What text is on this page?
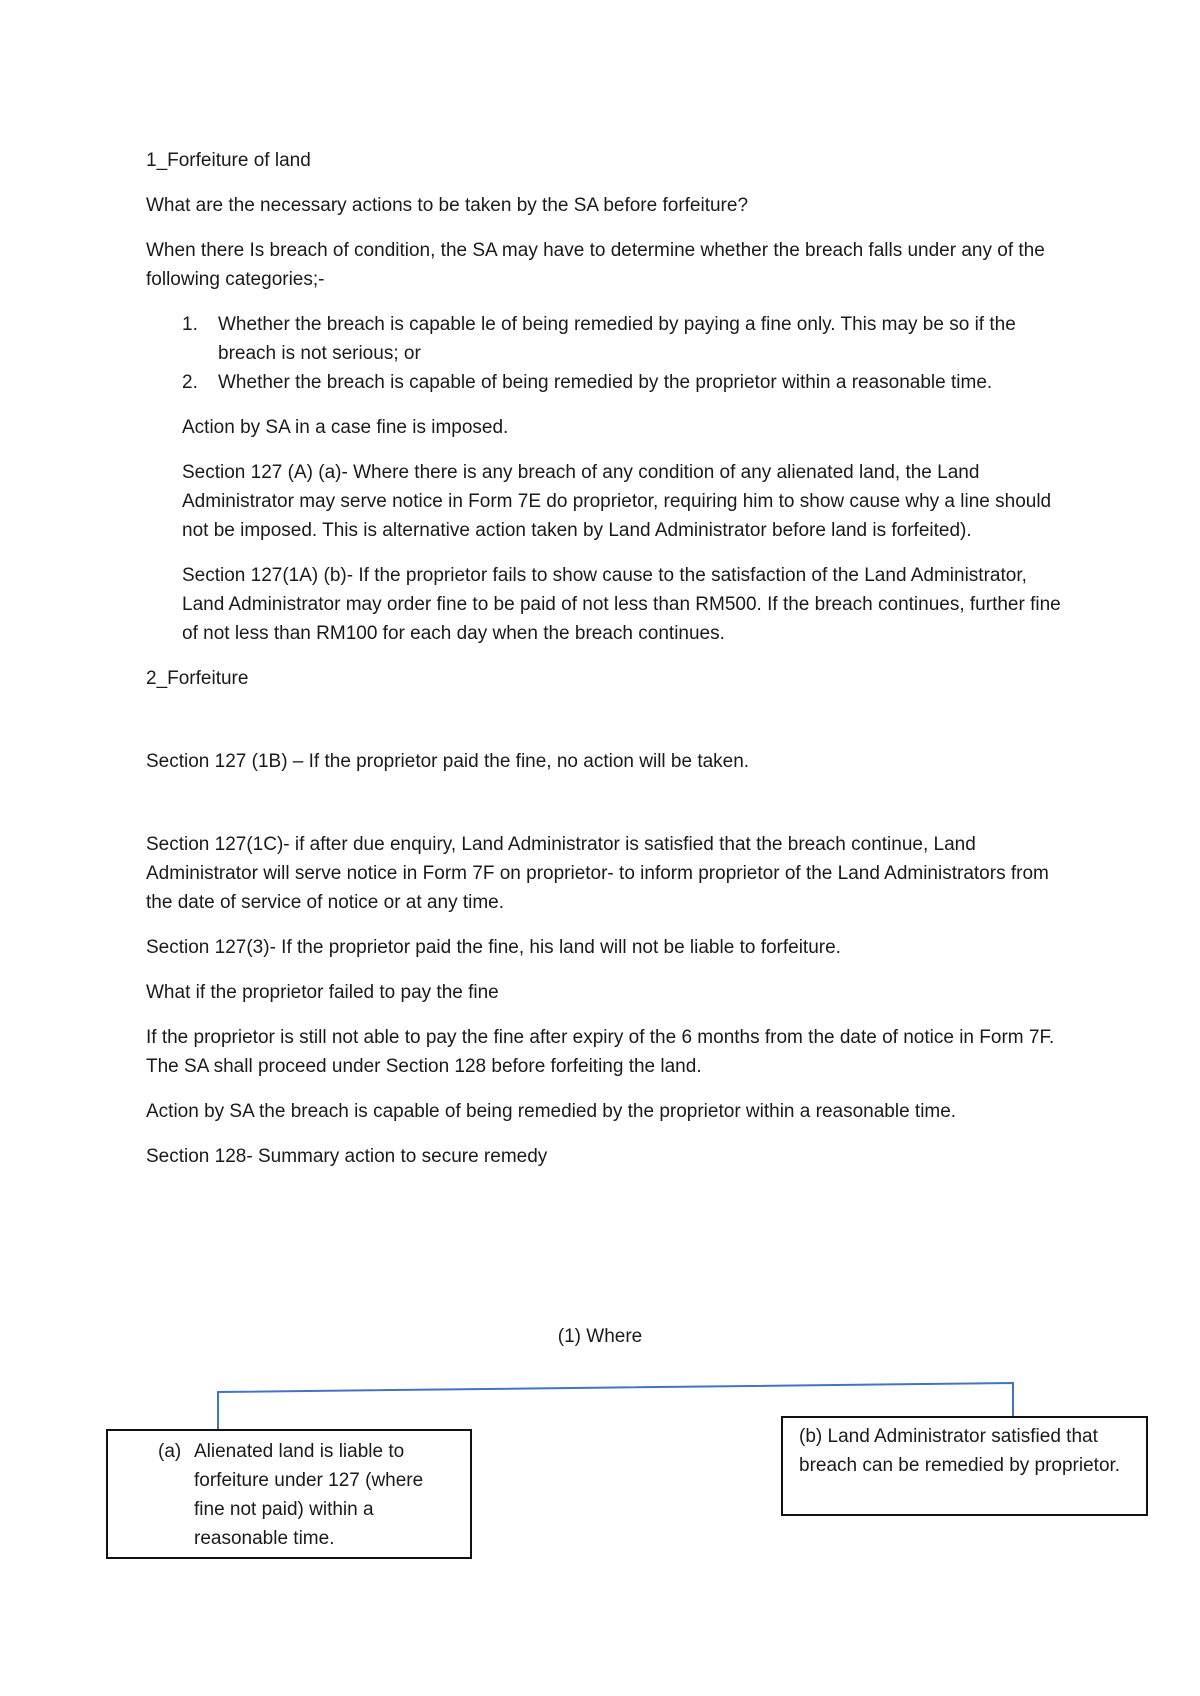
1_Forfeiture of land

What are the necessary actions to be taken by the SA before forfeiture?

When there Is breach of condition, the SA may have to determine whether the breach falls under any of the following categories;-

1.	Whether the breach is capable le of being remedied by paying a fine only. This may be so if the breach is not serious; or
2.	Whether the breach is capable of being remedied by the proprietor within a reasonable time.

Action by SA in a case fine is imposed.

Section 127 (A) (a)- Where there is any breach of any condition of any alienated land, the Land Administrator may serve notice in Form 7E do proprietor, requiring him to show cause why a line should not be imposed. This is alternative action taken by Land Administrator before land is forfeited).

Section 127(1A) (b)- If the proprietor fails to show cause to the satisfaction of the Land Administrator, Land Administrator may order fine to be paid of not less than RM500. If the breach continues, further fine of not less than RM100 for each day when the breach continues.

2_Forfeiture

Section 127 (1B) – If the proprietor paid the fine, no action will be taken.

Section 127(1C)- if after due enquiry, Land Administrator is satisfied that the breach continue, Land Administrator will serve notice in Form 7F on proprietor- to inform proprietor of the Land Administrators from the date of service of notice or at any time.

Section 127(3)- If the proprietor paid the fine, his land will not be liable to forfeiture.

What if the proprietor failed to pay the fine

If the proprietor is still not able to pay the fine after expiry of the 6 months from the date of notice in Form 7F. The SA shall proceed under Section 128 before forfeiting the land.

Action by SA the breach is capable of being remedied by the proprietor within a reasonable time.

Section 128- Summary action to secure remedy

(1) Where
(a) Alienated land is liable to forfeiture under 127 (where fine not paid) within a reasonable time.
(b) Land Administrator satisfied that breach can be remedied by proprietor.
